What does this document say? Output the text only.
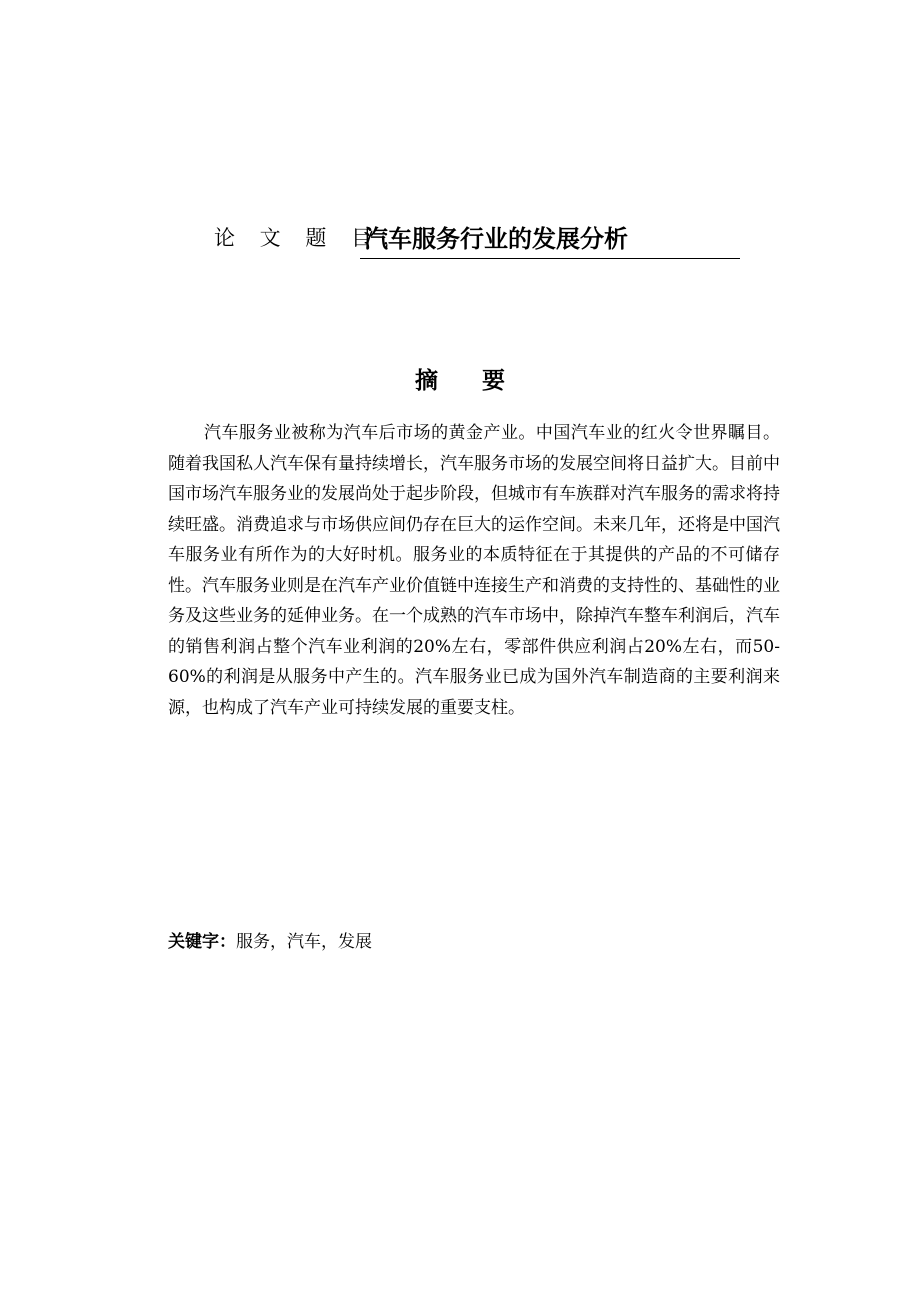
论 文 题 目：
汽车服务行业的发展分析
摘 要
汽车服务业被称为汽车后市场的黄金产业。中国汽车业的红火令世界瞩目。随着我国私人汽车保有量持续增长，汽车服务市场的发展空间将日益扩大。目前中国市场汽车服务业的发展尚处于起步阶段，但城市有车族群对汽车服务的需求将持续旺盛。消费追求与市场供应间仍存在巨大的运作空间。未来几年，还将是中国汽车服务业有所作为的大好时机。服务业的本质特征在于其提供的产品的不可储存性。汽车服务业则是在汽车产业价值链中连接生产和消费的支持性的、基础性的业务及这些业务的延伸业务。在一个成熟的汽车市场中，除掉汽车整车利润后，汽车的销售利润占整个汽车业利润的20%左右，零部件供应利润占20%左右，而50-60%的利润是从服务中产生的。汽车服务业已成为国外汽车制造商的主要利润来源，也构成了汽车产业可持续发展的重要支柱。
关键字：服务，汽车，发展
